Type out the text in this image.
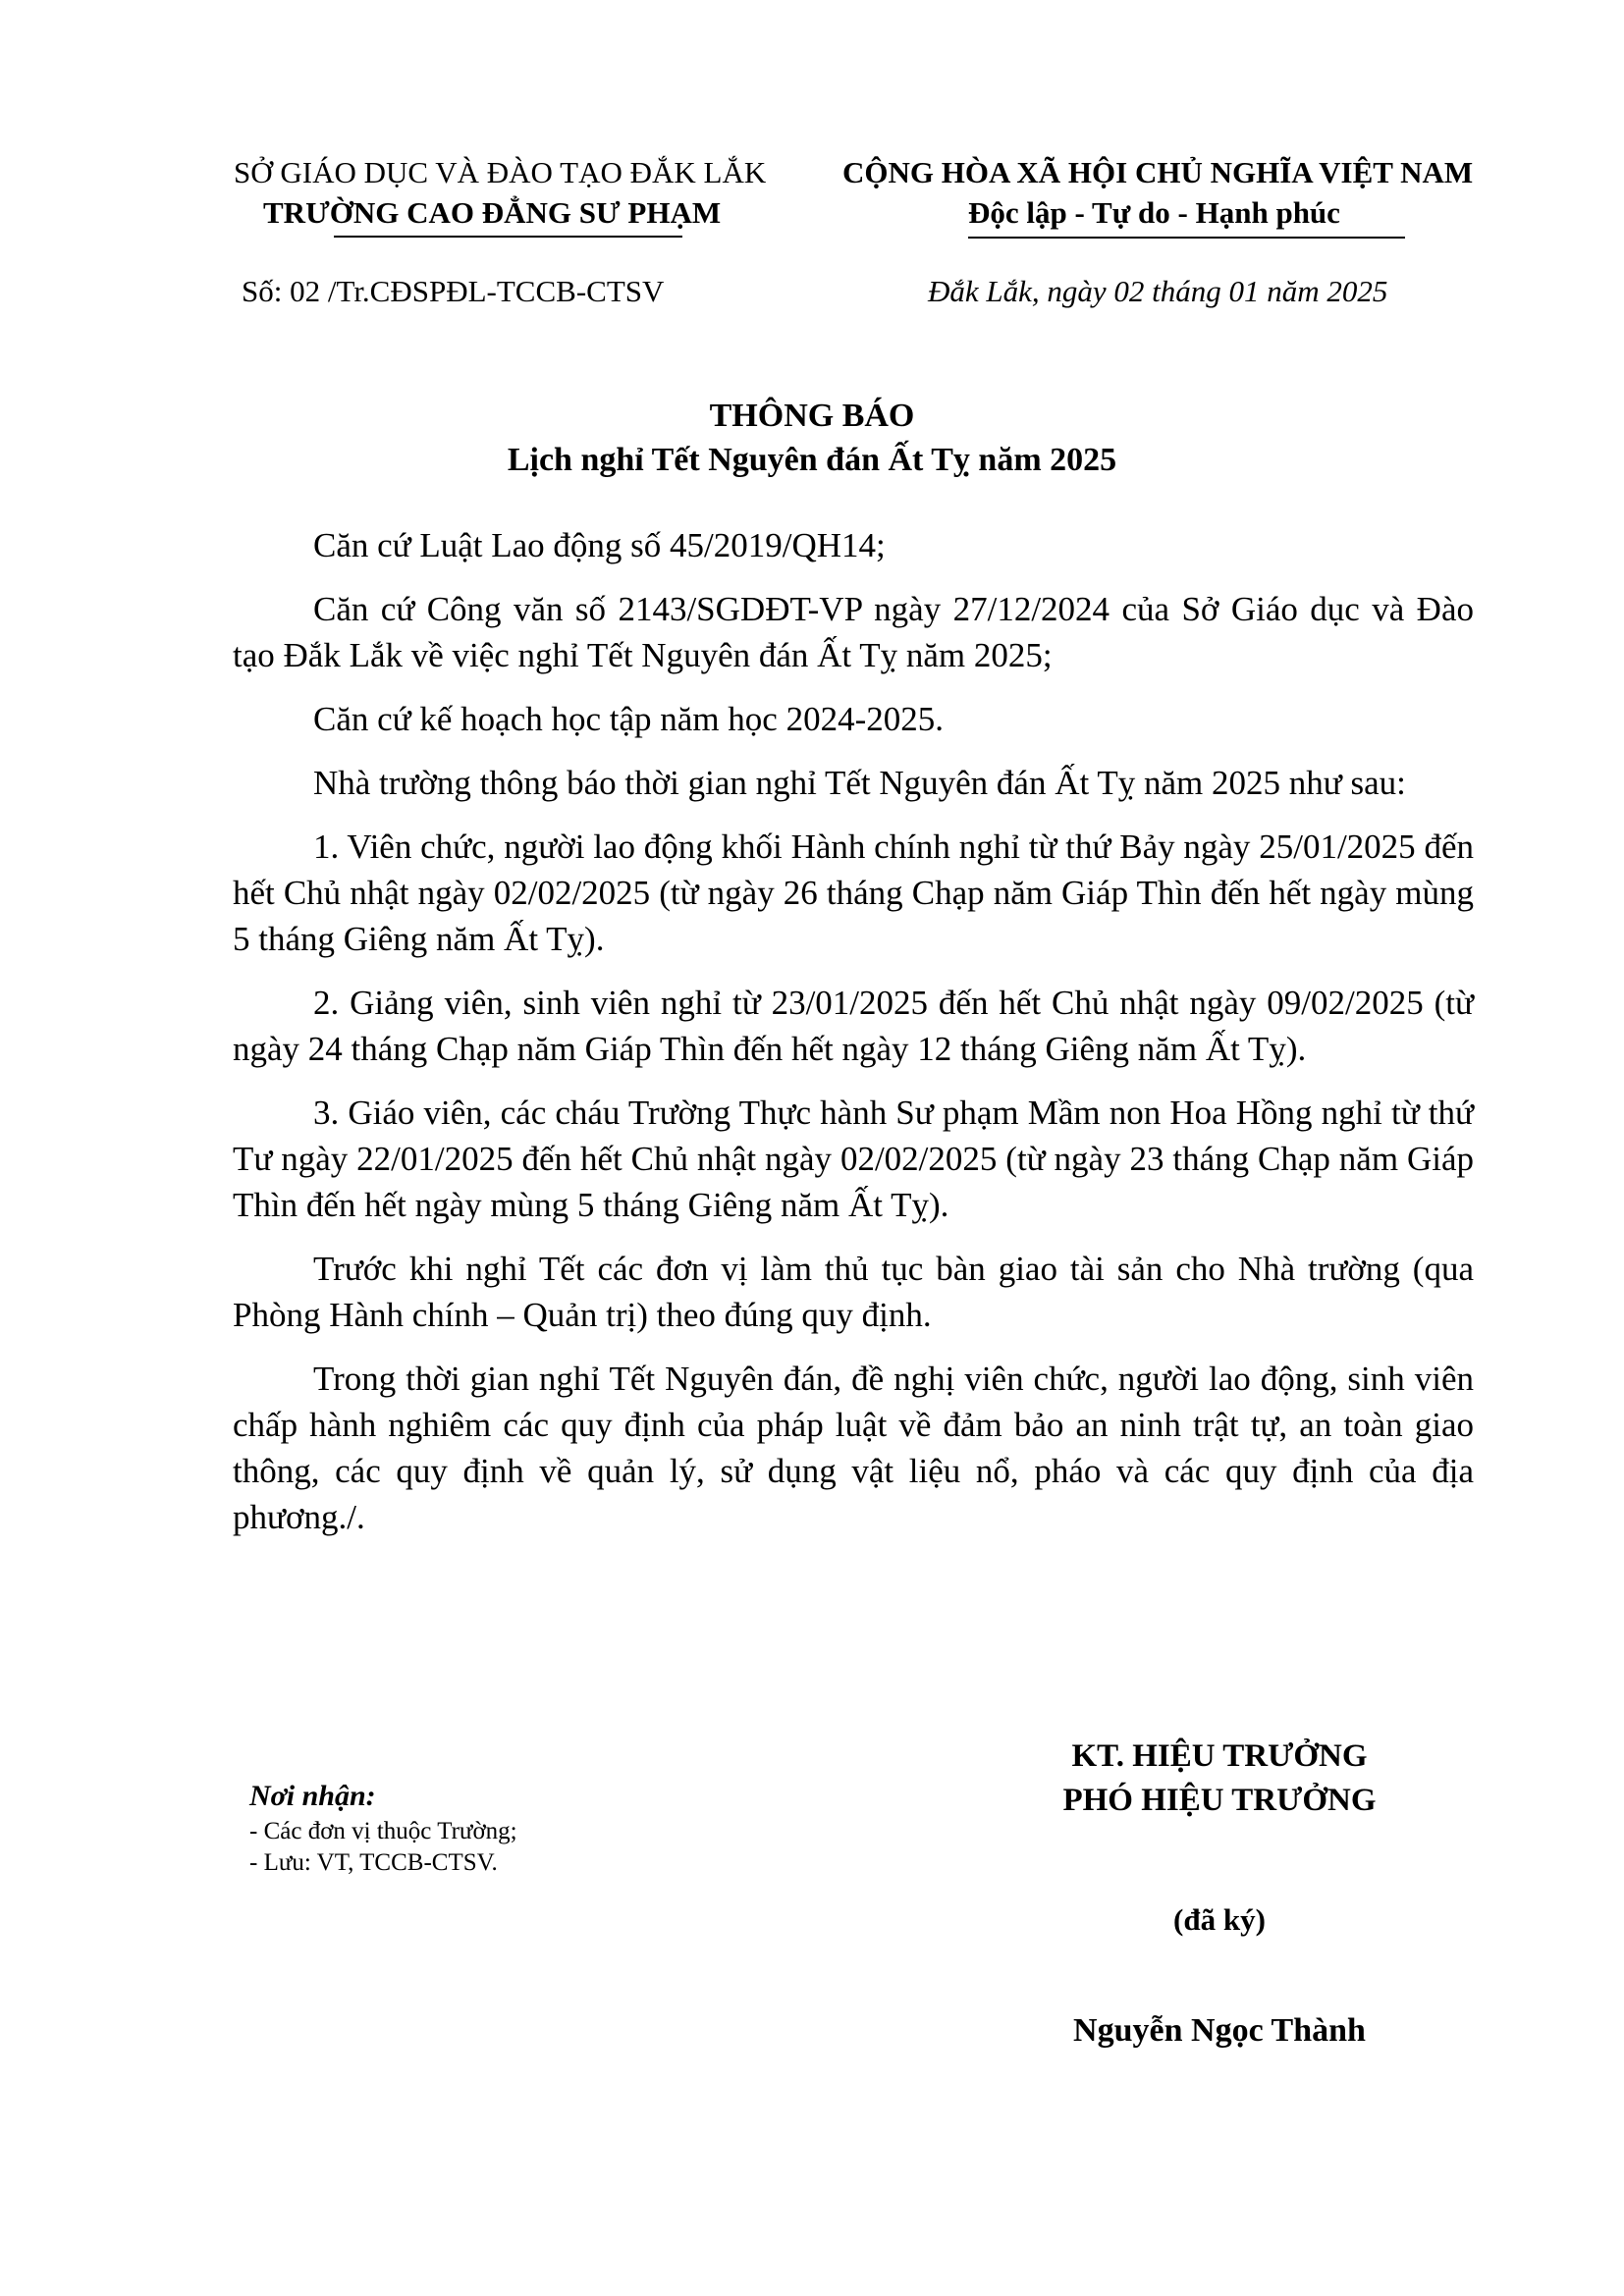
SỞ GIÁO DỤC VÀ ĐÀO TẠO ĐẮK LẮK
TRƯỜNG CAO ĐẲNG SƯ PHẠM
CỘNG HÒA XÃ HỘI CHỦ NGHĨA VIỆT NAM
Độc lập - Tự do - Hạnh phúc
Số: 02 /Tr.CĐSPĐL-TCCB-CTSV	Đắk Lắk, ngày 02 tháng 01 năm 2025
THÔNG BÁO
Lịch nghỉ Tết Nguyên đán Ất Tỵ năm 2025

Căn cứ Luật Lao động số 45/2019/QH14;

Căn cứ Công văn số 2143/SGDĐT-VP ngày 27/12/2024 của Sở Giáo dục và Đào tạo Đắk Lắk về việc nghỉ Tết Nguyên đán Ất Tỵ năm 2025;

Căn cứ kế hoạch học tập năm học 2024-2025.

Nhà trường thông báo thời gian nghỉ Tết Nguyên đán Ất Tỵ năm 2025 như sau:

1. Viên chức, người lao động khối Hành chính nghỉ từ thứ Bảy ngày 25/01/2025 đến hết Chủ nhật ngày 02/02/2025 (từ ngày 26 tháng Chạp năm Giáp Thìn đến hết ngày mùng 5 tháng Giêng năm Ất Tỵ).

2. Giảng viên, sinh viên nghỉ từ 23/01/2025 đến hết Chủ nhật ngày 09/02/2025 (từ ngày 24 tháng Chạp năm Giáp Thìn đến hết ngày 12 tháng Giêng năm Ất Tỵ).

3. Giáo viên, các cháu Trường Thực hành Sư phạm Mầm non Hoa Hồng nghỉ từ thứ Tư ngày 22/01/2025 đến hết Chủ nhật ngày 02/02/2025 (từ ngày 23 tháng Chạp năm Giáp Thìn đến hết ngày mùng 5 tháng Giêng năm Ất Tỵ).

Trước khi nghỉ Tết các đơn vị làm thủ tục bàn giao tài sản cho Nhà trường (qua Phòng Hành chính – Quản trị) theo đúng quy định.

Trong thời gian nghỉ Tết Nguyên đán, đề nghị viên chức, người lao động, sinh viên chấp hành nghiêm các quy định của pháp luật về đảm bảo an ninh trật tự, an toàn giao thông, các quy định về quản lý, sử dụng vật liệu nổ, pháo và các quy định của địa phương./.

Nơi nhận:
- Các đơn vị thuộc Trường;
- Lưu: VT, TCCB-CTSV.
KT. HIỆU TRƯỞNG
PHÓ HIỆU TRƯỞNG
(đã ký)
Nguyễn Ngọc Thành
